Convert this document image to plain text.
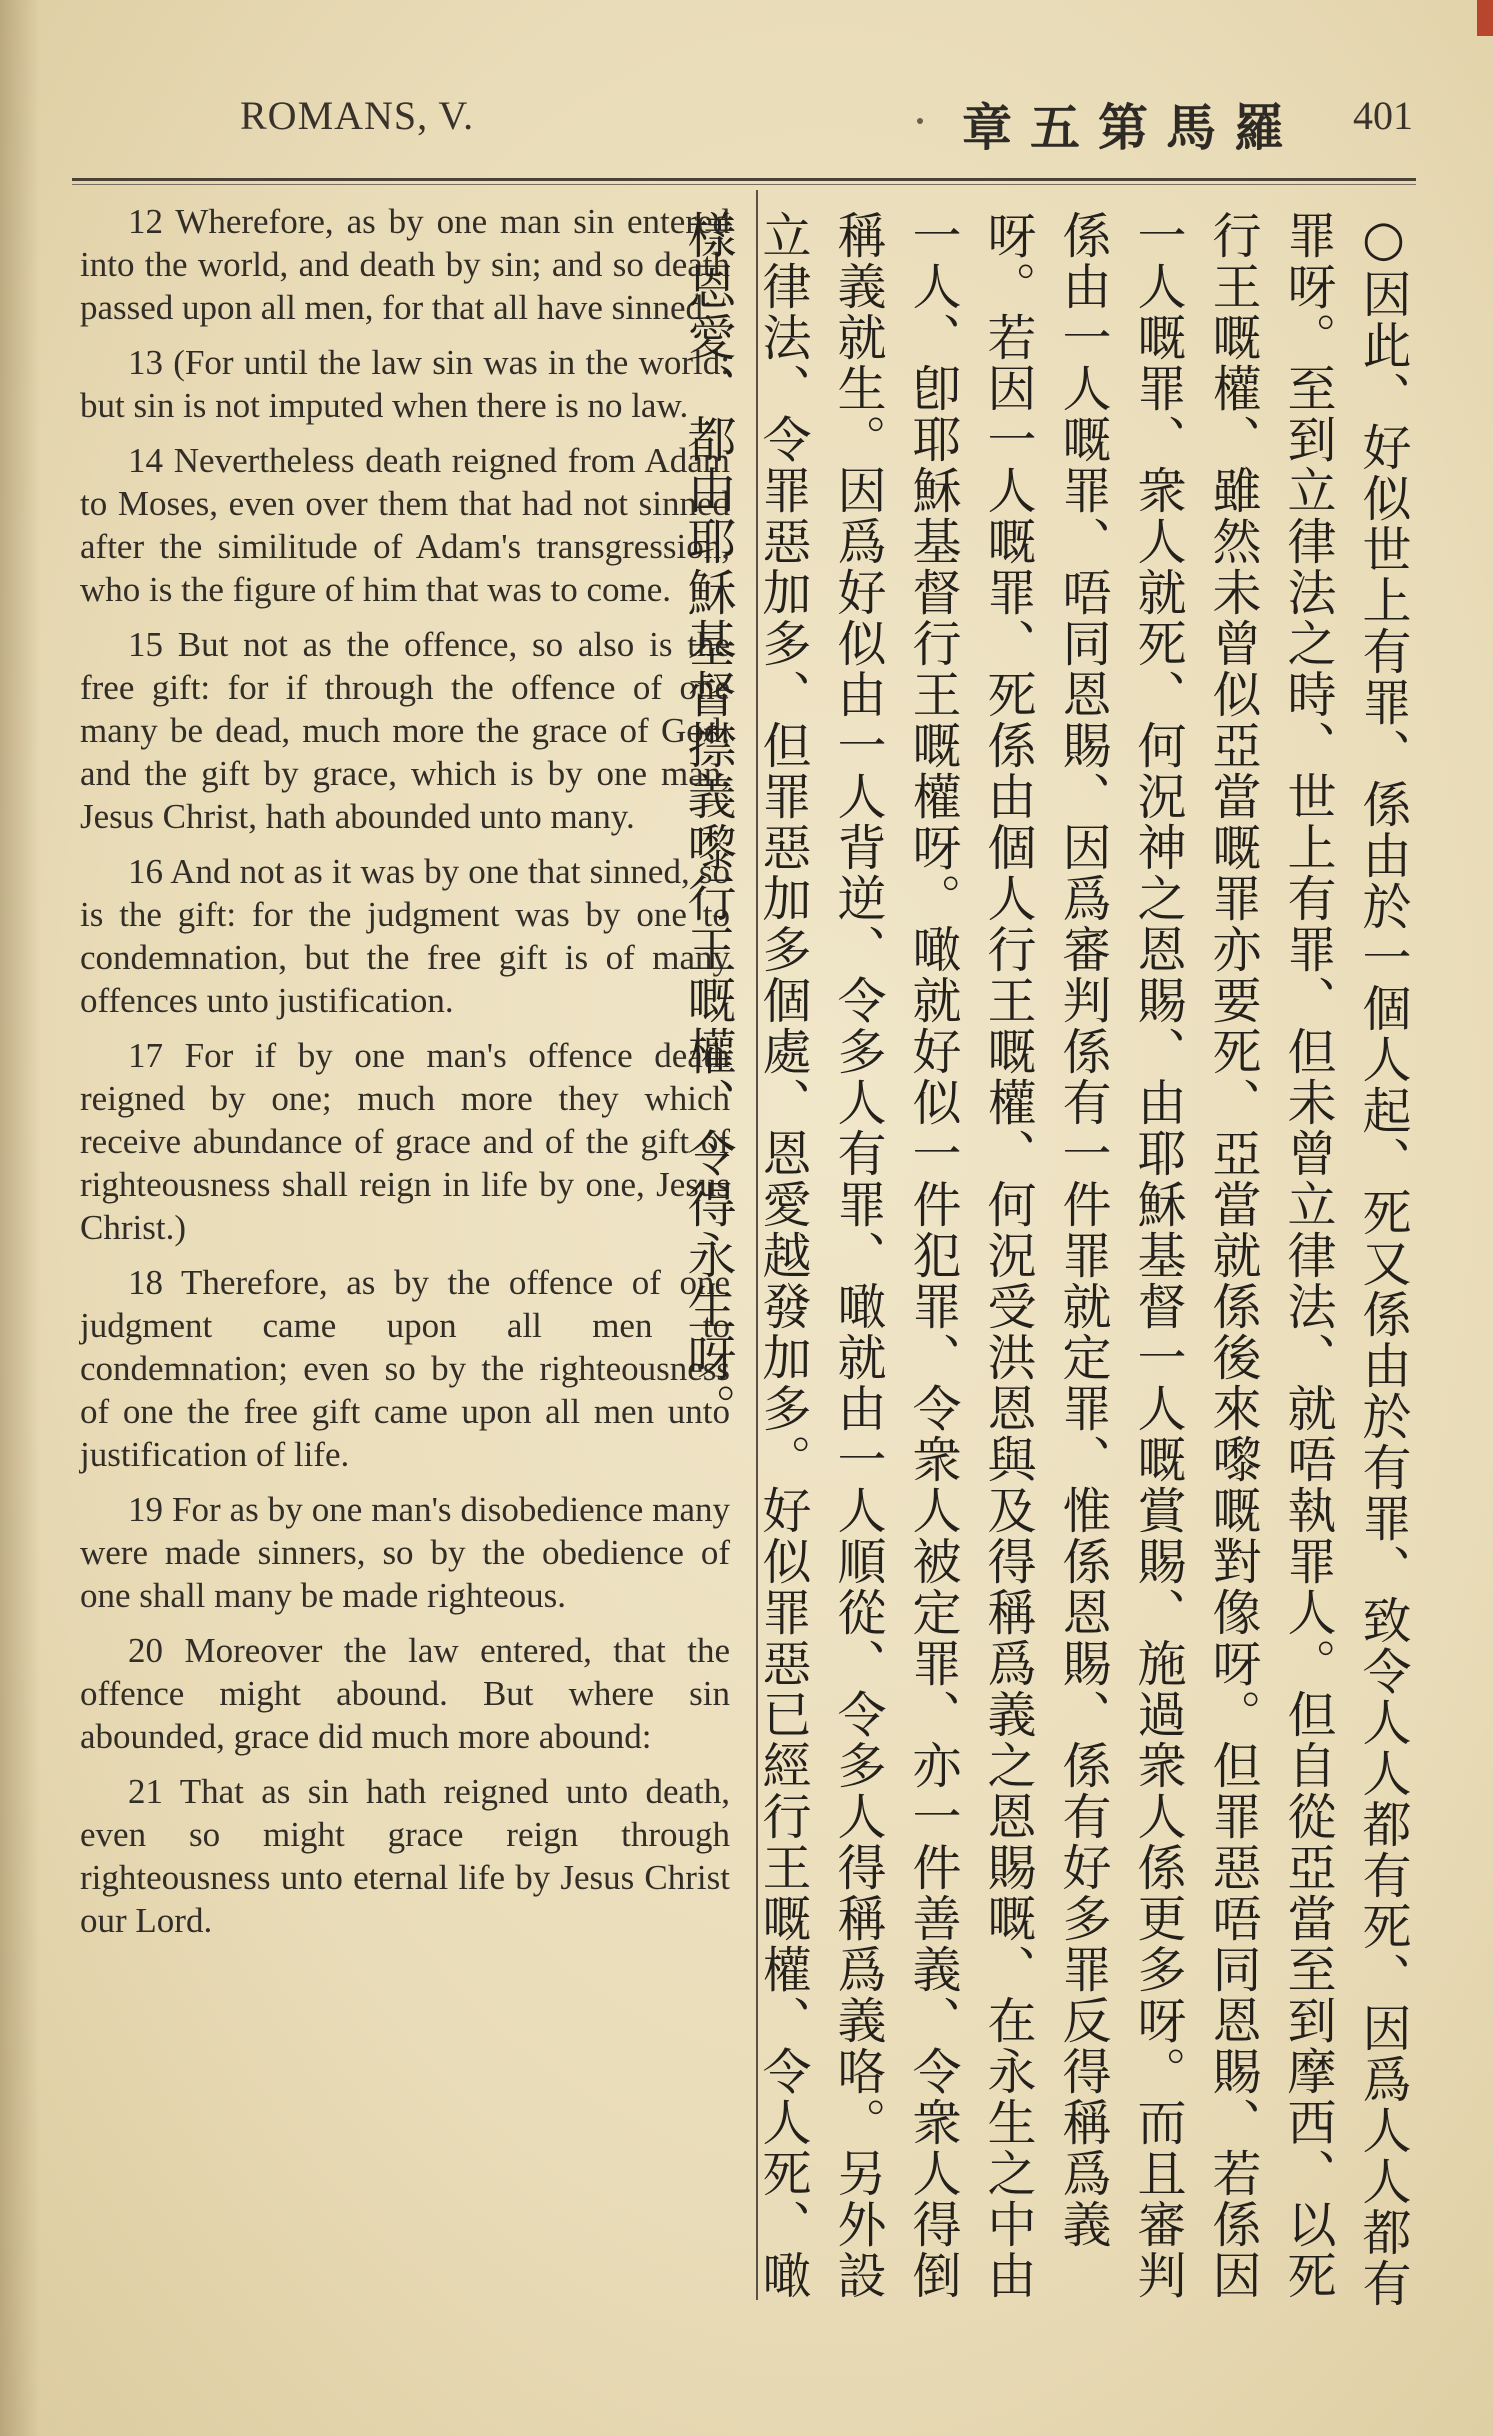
ROMANS, V.	羅馬第五章 401

12 Wherefore, as by one man sin entered into the world, and death by sin; and so death passed upon all men, for that all have sinned:

13 (For until the law sin was in the world: but sin is not imputed when there is no law.

14 Nevertheless death reigned from Adam to Moses, even over them that had not sinned after the similitude of Adam's transgression, who is the figure of him that was to come.

15 But not as the offence, so also is the free gift: for if through the offence of one many be dead, much more the grace of God, and the gift by grace, which is by one man, Jesus Christ, hath abounded unto many.

16 And not as it was by one that sinned, so is the gift: for the judgment was by one to condemnation, but the free gift is of many offences unto justification.

17 For if by one man's offence death reigned by one; much more they which receive abundance of grace and of the gift of righteousness shall reign in life by one, Jesus Christ.)

18 Therefore, as by the offence of one judgment came upon all men to condemnation; even so by the righteousness of one the free gift came upon all men unto justification of life.

19 For as by one man's disobedience many were made sinners, so by the obedience of one shall many be made righteous.

20 Moreover the law entered, that the offence might abound. But where sin abounded, grace did much more abound:

21 That as sin hath reigned unto death, even so might grace reign through righteousness unto eternal life by Jesus Christ our Lord.	○因此、好似世上有罪、係由於一個人起、死又係由於有罪、致令人人都有死、因爲人人都有罪呀。至到立律法之時、世上有罪、但未曾立律法、就唔執罪人。但自從亞當至到摩西、以死行王嘅權、雖然未曾似亞當嘅罪亦要死、亞當就係後來嚟嘅對像呀。但罪惡唔同恩賜、若係因一人嘅罪、衆人就死、何況神之恩賜、由耶穌基督一人嘅賞賜、施過衆人係更多呀。而且審判係由一人嘅罪、唔同恩賜、因爲審判係有一件罪就定罪、惟係恩賜、係有好多罪反得稱爲義呀。若因一人嘅罪、死係由個人行王嘅權、何況受洪恩與及得稱爲義之恩賜嘅、在永生之中由一人、卽耶穌基督行王嘅權呀。噉就好似一件犯罪、令衆人被定罪、亦一件善義、令衆人得倒稱義就生。因爲好似由一人背逆、令多人有罪、噉就由一人順從、令多人得稱爲義咯。另外設立律法、令罪惡加多、但罪惡加多個處、恩愛越發加多。好似罪惡已經行王嘅權、令人死、噉樣恩愛、都由耶穌基督㩒義嚟行王嘅權、令得永生呀。
